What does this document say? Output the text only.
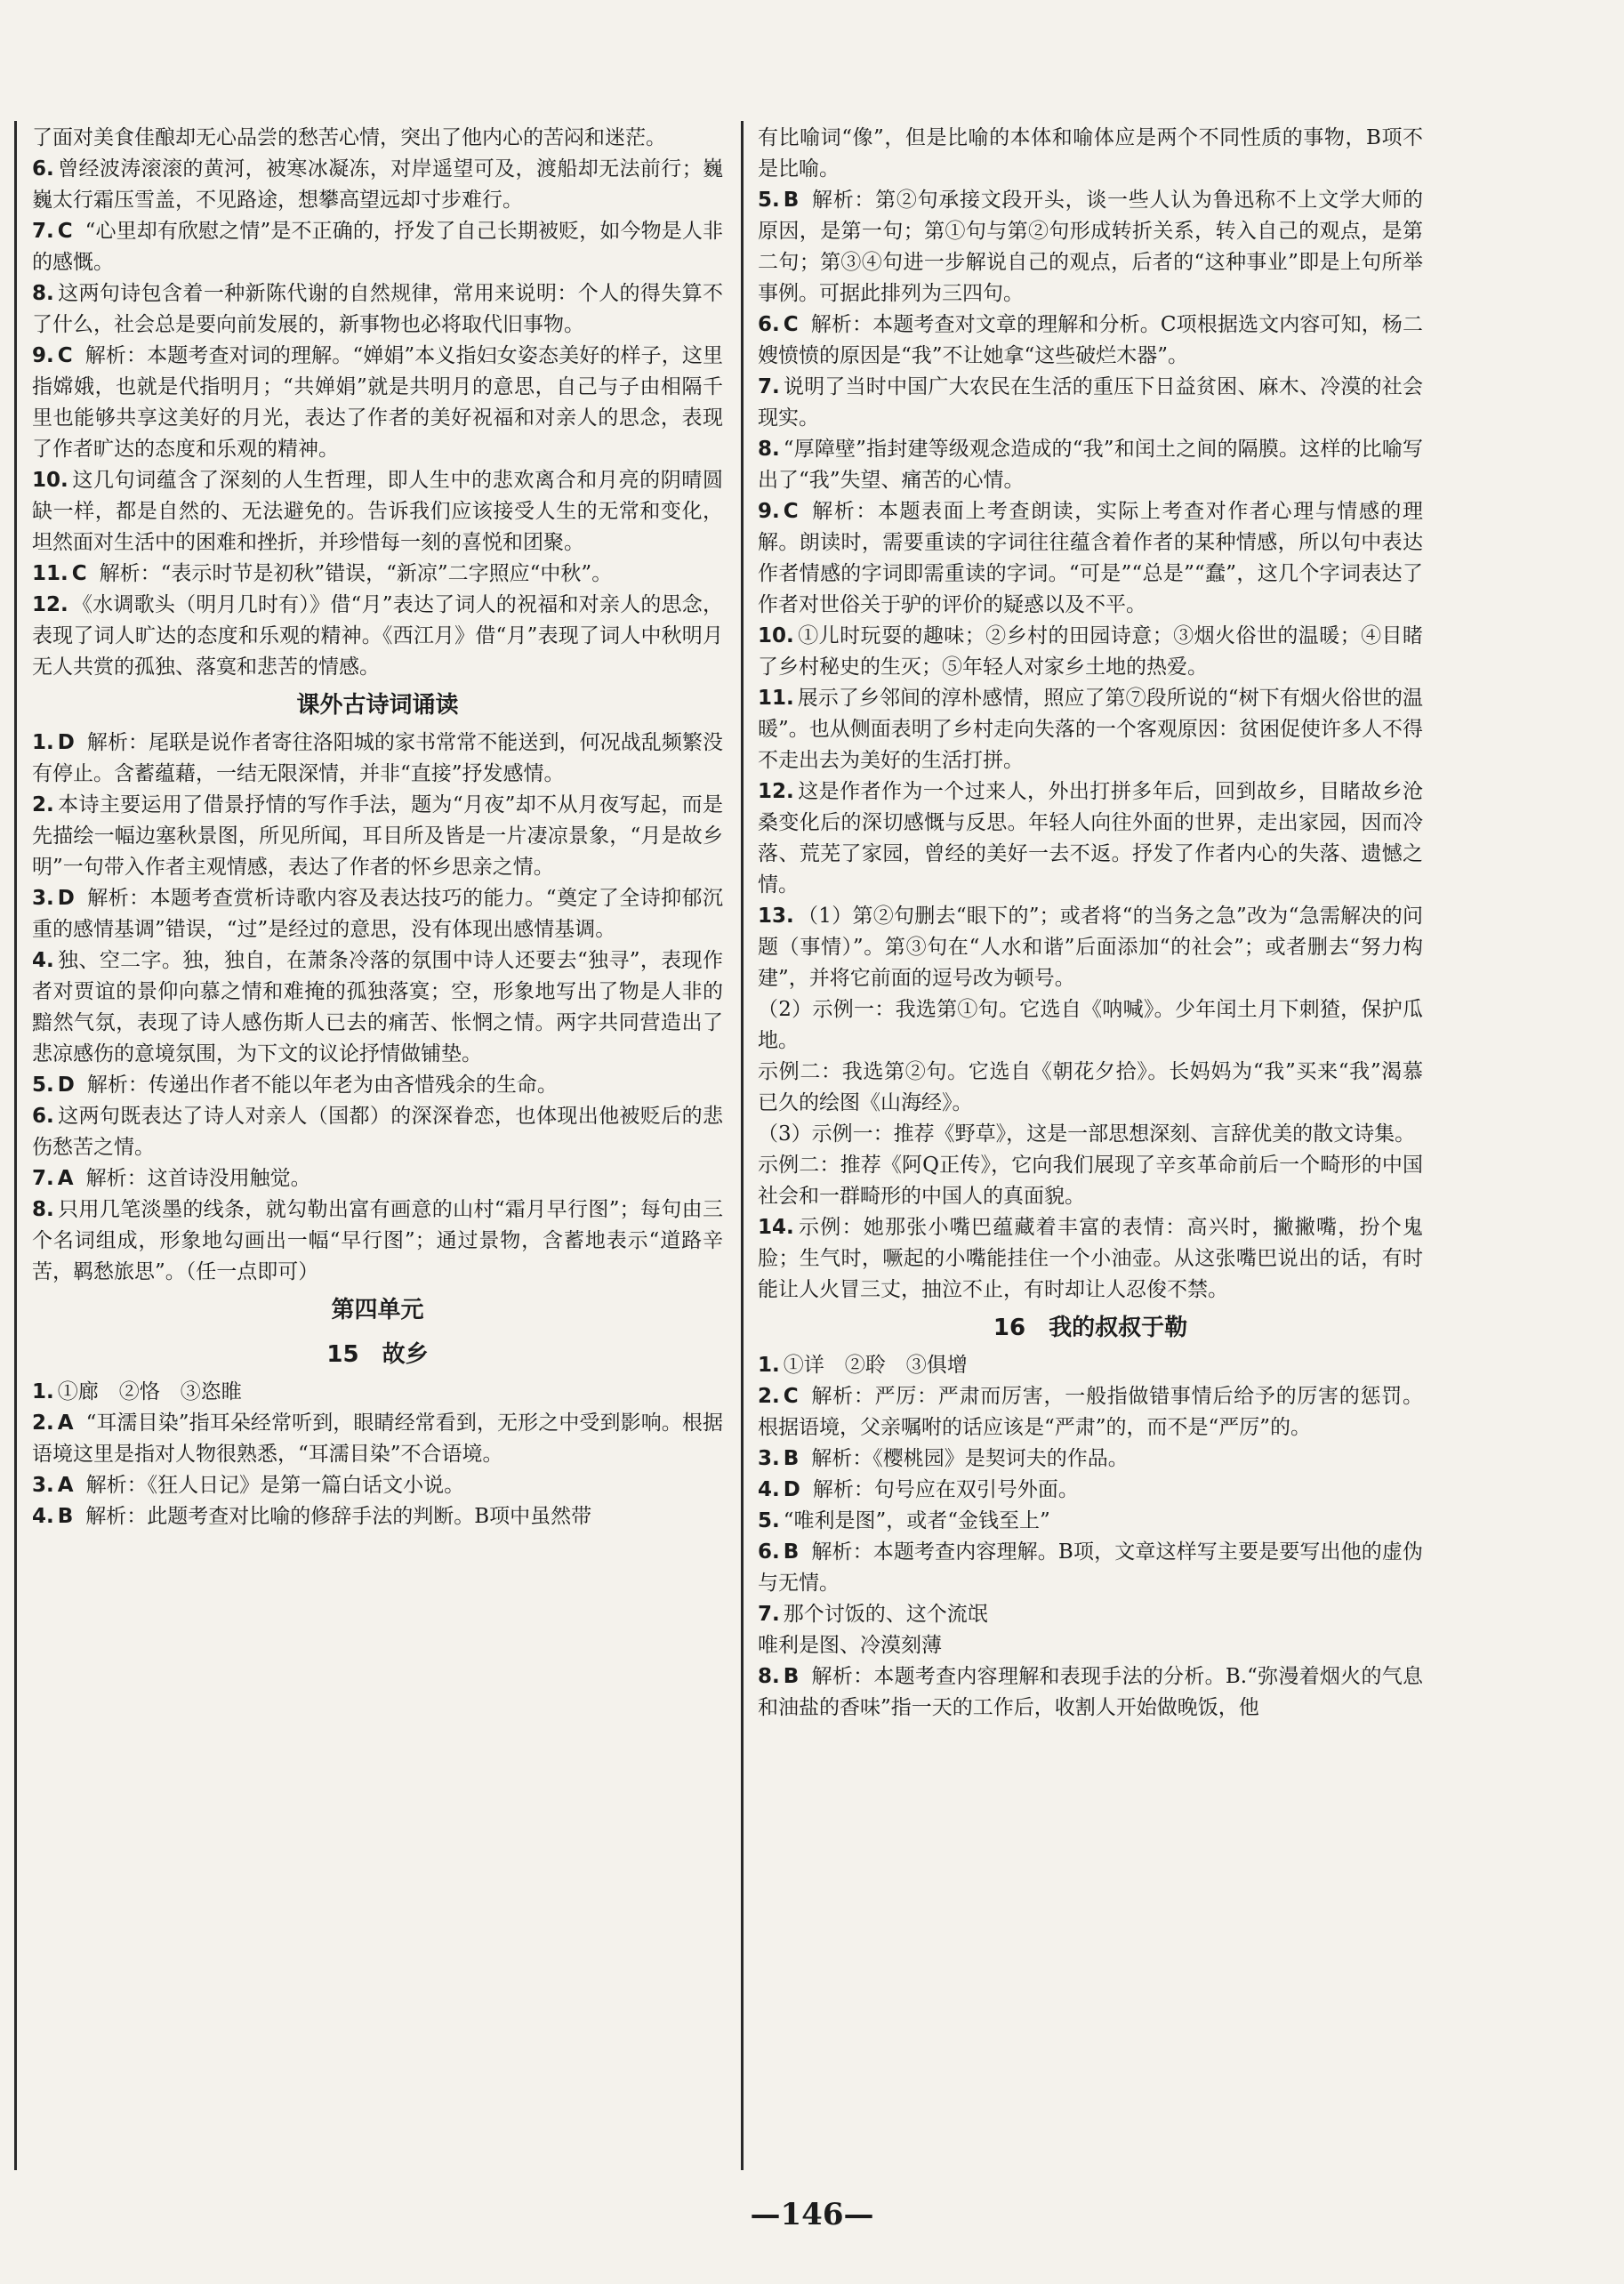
了面对美食佳酿却无心品尝的愁苦心情，突出了他内心的苦闷和迷茫。

6. 曾经波涛滚滚的黄河，被寒冰凝冻，对岸遥望可及，渡船却无法前行；巍巍太行霜压雪盖，不见路途，想攀高望远却寸步难行。

7. C “心里却有欣慰之情”是不正确的，抒发了自己长期被贬，如今物是人非的感慨。

8. 这两句诗包含着一种新陈代谢的自然规律，常用来说明：个人的得失算不了什么，社会总是要向前发展的，新事物也必将取代旧事物。

9. C 解析：本题考查对词的理解。“婵娟”本义指妇女姿态美好的样子，这里指嫦娥，也就是代指明月；“共婵娟”就是共明月的意思，自己与子由相隔千里也能够共享这美好的月光，表达了作者的美好祝福和对亲人的思念，表现了作者旷达的态度和乐观的精神。

10. 这几句词蕴含了深刻的人生哲理，即人生中的悲欢离合和月亮的阴晴圆缺一样，都是自然的、无法避免的。告诉我们应该接受人生的无常和变化，坦然面对生活中的困难和挫折，并珍惜每一刻的喜悦和团聚。

11. C 解析：“表示时节是初秋”错误，“新凉”二字照应“中秋”。

12. 《水调歌头（明月几时有）》借“月”表达了词人的祝福和对亲人的思念，表现了词人旷达的态度和乐观的精神。《西江月》借“月”表现了词人中秋明月无人共赏的孤独、落寞和悲苦的情感。

课外古诗词诵读

1. D 解析：尾联是说作者寄往洛阳城的家书常常不能送到，何况战乱频繁没有停止。含蓄蕴藉，一结无限深情，并非“直接”抒发感情。

2. 本诗主要运用了借景抒情的写作手法，题为“月夜”却不从月夜写起，而是先描绘一幅边塞秋景图，所见所闻，耳目所及皆是一片凄凉景象，“月是故乡明”一句带入作者主观情感，表达了作者的怀乡思亲之情。

3. D 解析：本题考查赏析诗歌内容及表达技巧的能力。“奠定了全诗抑郁沉重的感情基调”错误，“过”是经过的意思，没有体现出感情基调。

4. 独、空二字。独，独自，在萧条冷落的氛围中诗人还要去“独寻”，表现作者对贾谊的景仰向慕之情和难掩的孤独落寞；空，形象地写出了物是人非的黯然气氛，表现了诗人感伤斯人已去的痛苦、怅惘之情。两字共同营造出了悲凉感伤的意境氛围，为下文的议论抒情做铺垫。

5. D 解析：传递出作者不能以年老为由吝惜残余的生命。

6. 这两句既表达了诗人对亲人（国都）的深深眷恋，也体现出他被贬后的悲伤愁苦之情。

7. A 解析：这首诗没用触觉。

8. 只用几笔淡墨的线条，就勾勒出富有画意的山村“霜月早行图”；每句由三个名词组成，形象地勾画出一幅“早行图”；通过景物，含蓄地表示“道路辛苦，羁愁旅思”。（任一点即可）

第四单元

15　故乡

1. ①廊　②恪　③恣睢

2. A “耳濡目染”指耳朵经常听到，眼睛经常看到，无形之中受到影响。根据语境这里是指对人物很熟悉，“耳濡目染”不合语境。

3. A 解析：《狂人日记》是第一篇白话文小说。

4. B 解析：此题考查对比喻的修辞手法的判断。B项中虽然带

有比喻词“像”，但是比喻的本体和喻体应是两个不同性质的事物，B项不是比喻。

5. B 解析：第②句承接文段开头，谈一些人认为鲁迅称不上文学大师的原因，是第一句；第①句与第②句形成转折关系，转入自己的观点，是第二句；第③④句进一步解说自己的观点，后者的“这种事业”即是上句所举事例。可据此排列为三四句。

6. C 解析：本题考查对文章的理解和分析。C项根据选文内容可知，杨二嫂愤愤的原因是“我”不让她拿“这些破烂木器”。

7. 说明了当时中国广大农民在生活的重压下日益贫困、麻木、冷漠的社会现实。

8. “厚障壁”指封建等级观念造成的“我”和闰土之间的隔膜。这样的比喻写出了“我”失望、痛苦的心情。

9. C 解析：本题表面上考查朗读，实际上考查对作者心理与情感的理解。朗读时，需要重读的字词往往蕴含着作者的某种情感，所以句中表达作者情感的字词即需重读的字词。“可是”“总是”“蠢”，这几个字词表达了作者对世俗关于驴的评价的疑惑以及不平。

10. ①儿时玩耍的趣味；②乡村的田园诗意；③烟火俗世的温暖；④目睹了乡村秘史的生灭；⑤年轻人对家乡土地的热爱。

11. 展示了乡邻间的淳朴感情，照应了第⑦段所说的“树下有烟火俗世的温暖”。也从侧面表明了乡村走向失落的一个客观原因：贫困促使许多人不得不走出去为美好的生活打拼。

12. 这是作者作为一个过来人，外出打拼多年后，回到故乡，目睹故乡沧桑变化后的深切感慨与反思。年轻人向往外面的世界，走出家园，因而冷落、荒芜了家园，曾经的美好一去不返。抒发了作者内心的失落、遗憾之情。

13. （1）第②句删去“眼下的”；或者将“的当务之急”改为“急需解决的问题（事情）”。第③句在“人水和谐”后面添加“的社会”；或者删去“努力构建”，并将它前面的逗号改为顿号。

（2）示例一：我选第①句。它选自《呐喊》。少年闰土月下刺猹，保护瓜地。

示例二：我选第②句。它选自《朝花夕拾》。长妈妈为“我”买来“我”渴慕已久的绘图《山海经》。

（3）示例一：推荐《野草》，这是一部思想深刻、言辞优美的散文诗集。

示例二：推荐《阿Q正传》，它向我们展现了辛亥革命前后一个畸形的中国社会和一群畸形的中国人的真面貌。

14. 示例：她那张小嘴巴蕴藏着丰富的表情：高兴时，撇撇嘴，扮个鬼脸；生气时，噘起的小嘴能挂住一个小油壶。从这张嘴巴说出的话，有时能让人火冒三丈，抽泣不止，有时却让人忍俊不禁。

16　我的叔叔于勒

1. ①详　②聆　③俱增

2. C 解析：严厉：严肃而厉害，一般指做错事情后给予的厉害的惩罚。根据语境，父亲嘱咐的话应该是“严肃”的，而不是“严厉”的。

3. B 解析：《樱桃园》是契诃夫的作品。

4. D 解析：句号应在双引号外面。

5. “唯利是图”，或者“金钱至上”

6. B 解析：本题考查内容理解。B项，文章这样写主要是要写出他的虚伪与无情。

7. 那个讨饭的、这个流氓

唯利是图、冷漠刻薄

8. B 解析：本题考查内容理解和表现手法的分析。B.“弥漫着烟火的气息和油盐的香味”指一天的工作后，收割人开始做晚饭，他

—146—
